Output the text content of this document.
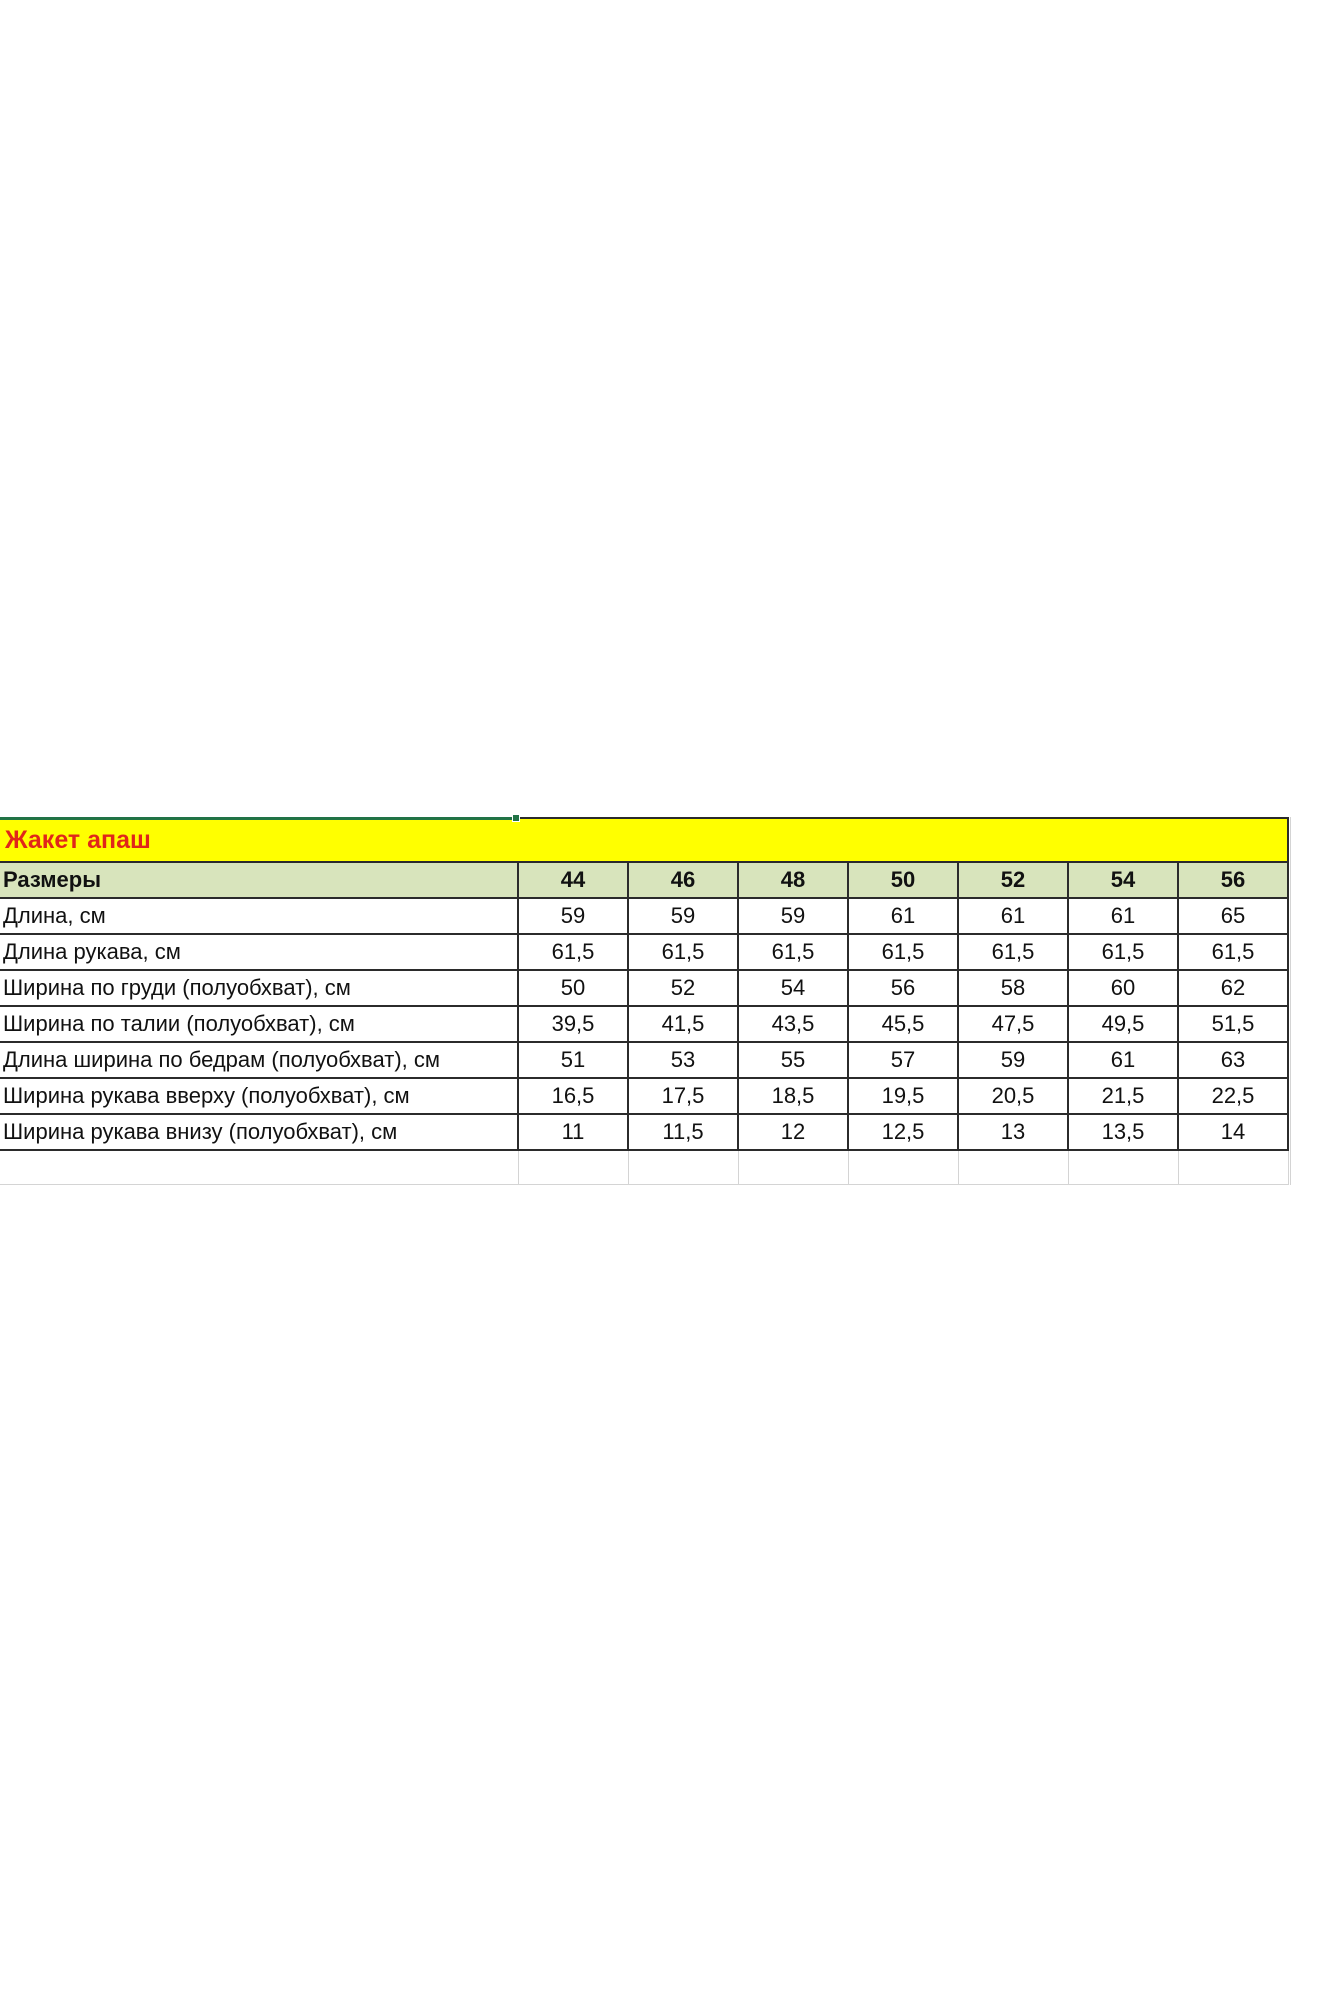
Жакет апаш							
Размеры	44	46	48	50	52	54	56
Длина, см	59	59	59	61	61	61	65
Длина рукава, см	61,5	61,5	61,5	61,5	61,5	61,5	61,5
Ширина по груди (полуобхват), см	50	52	54	56	58	60	62
Ширина по талии (полуобхват), см	39,5	41,5	43,5	45,5	47,5	49,5	51,5
Длина ширина по бедрам (полуобхват), см	51	53	55	57	59	61	63
Ширина рукава вверху (полуобхват), см	16,5	17,5	18,5	19,5	20,5	21,5	22,5
Ширина рукава внизу (полуобхват), см	11	11,5	12	12,5	13	13,5	14
